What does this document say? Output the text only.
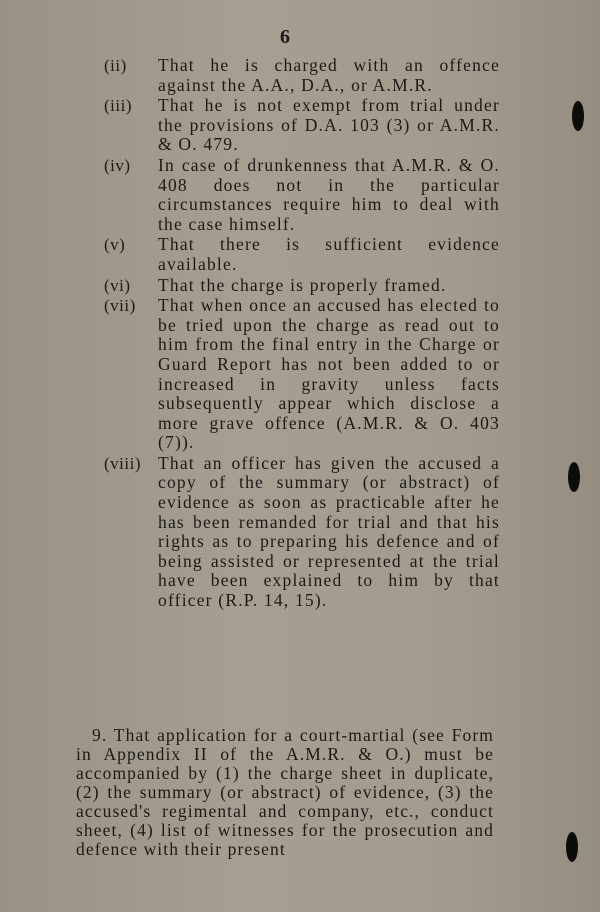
6
(ii) That he is charged with an offence against the A.A., D.A., or A.M.R.
(iii) That he is not exempt from trial under the provisions of D.A. 103 (3) or A.M.R. & O. 479.
(iv) In case of drunkenness that A.M.R. & O. 408 does not in the particular circumstances require him to deal with the case himself.
(v) That there is sufficient evidence available.
(vi) That the charge is properly framed.
(vii) That when once an accused has elected to be tried upon the charge as read out to him from the final entry in the Charge or Guard Report has not been added to or increased in gravity unless facts subsequently appear which disclose a more grave offence (A.M.R. & O. 403 (7)).
(viii) That an officer has given the accused a copy of the summary (or abstract) of evidence as soon as practicable after he has been remanded for trial and that his rights as to preparing his defence and of being assisted or represented at the trial have been explained to him by that officer (R.P. 14, 15).
9. That application for a court-martial (see Form in Appendix II of the A.M.R. & O.) must be accompanied by (1) the charge sheet in duplicate, (2) the summary (or abstract) of evidence, (3) the accused's regimental and company, etc., conduct sheet, (4) list of witnesses for the prosecution and defence with their present
